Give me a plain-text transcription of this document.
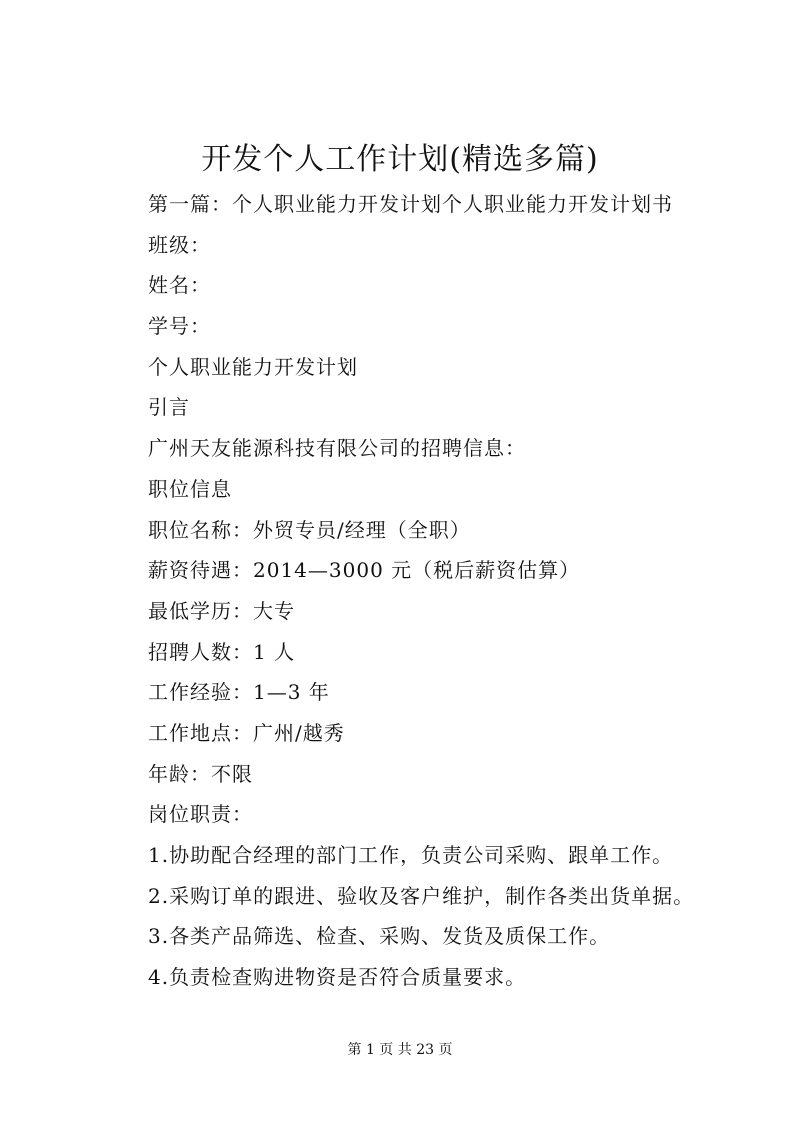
开发个人工作计划(精选多篇)
第一篇：个人职业能力开发计划个人职业能力开发计划书
班级：
姓名：
学号：
个人职业能力开发计划
引言
广州天友能源科技有限公司的招聘信息：
职位信息
职位名称：外贸专员/经理（全职）
薪资待遇：2014—3000 元（税后薪资估算）
最低学历：大专
招聘人数：1 人
工作经验：1—3 年
工作地点：广州/越秀
年龄：不限
岗位职责：
1.协助配合经理的部门工作，负责公司采购、跟单工作。
2.采购订单的跟进、验收及客户维护，制作各类出货单据。
3.各类产品筛选、检查、采购、发货及质保工作。
4.负责检查购进物资是否符合质量要求。
第 1 页 共 23 页
